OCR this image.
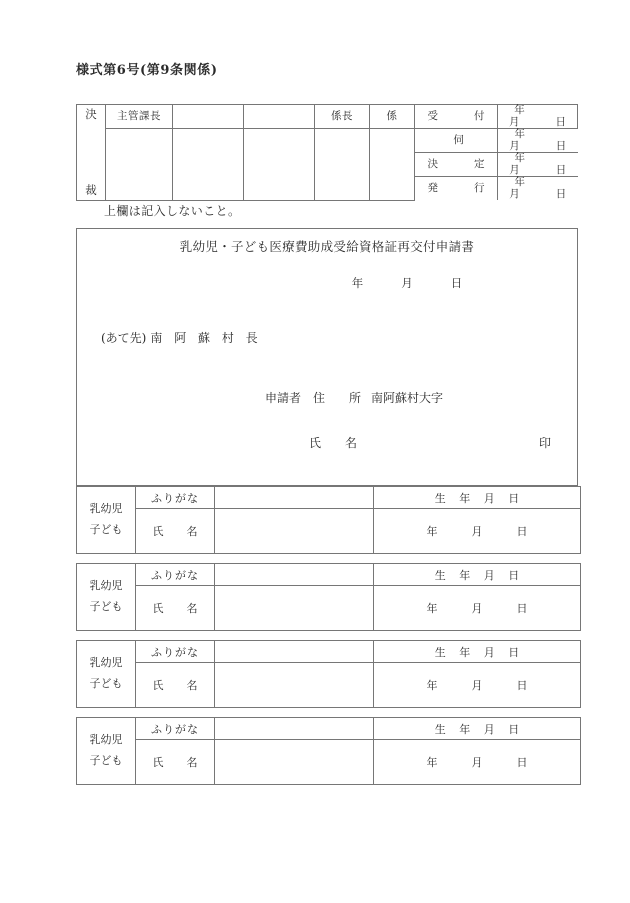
様式第6号(第9条関係)
決
裁
	主管課長			係長	係	受　　付	年月	日

伺	年月	日
決　　定	年月	日
発　　行	年月	日
上欄は記入しないこと。
乳幼児・子ども医療費助成受給資格証再交付申請書
年	月	日
(あて先) 南 阿 蘇 村 長
申請者 住　所 南阿蘇村大字
印
氏　名
乳幼児
子ども	ふりがな		生 年 月 日
	氏　名		年 月 日
乳幼児
子ども	ふりがな		生 年 月 日
	氏　名		年 月 日
乳幼児
子ども	ふりがな		生 年 月 日
	氏　名		年 月 日
乳幼児
子ども	ふりがな		生 年 月 日
	氏　名		年 月 日
